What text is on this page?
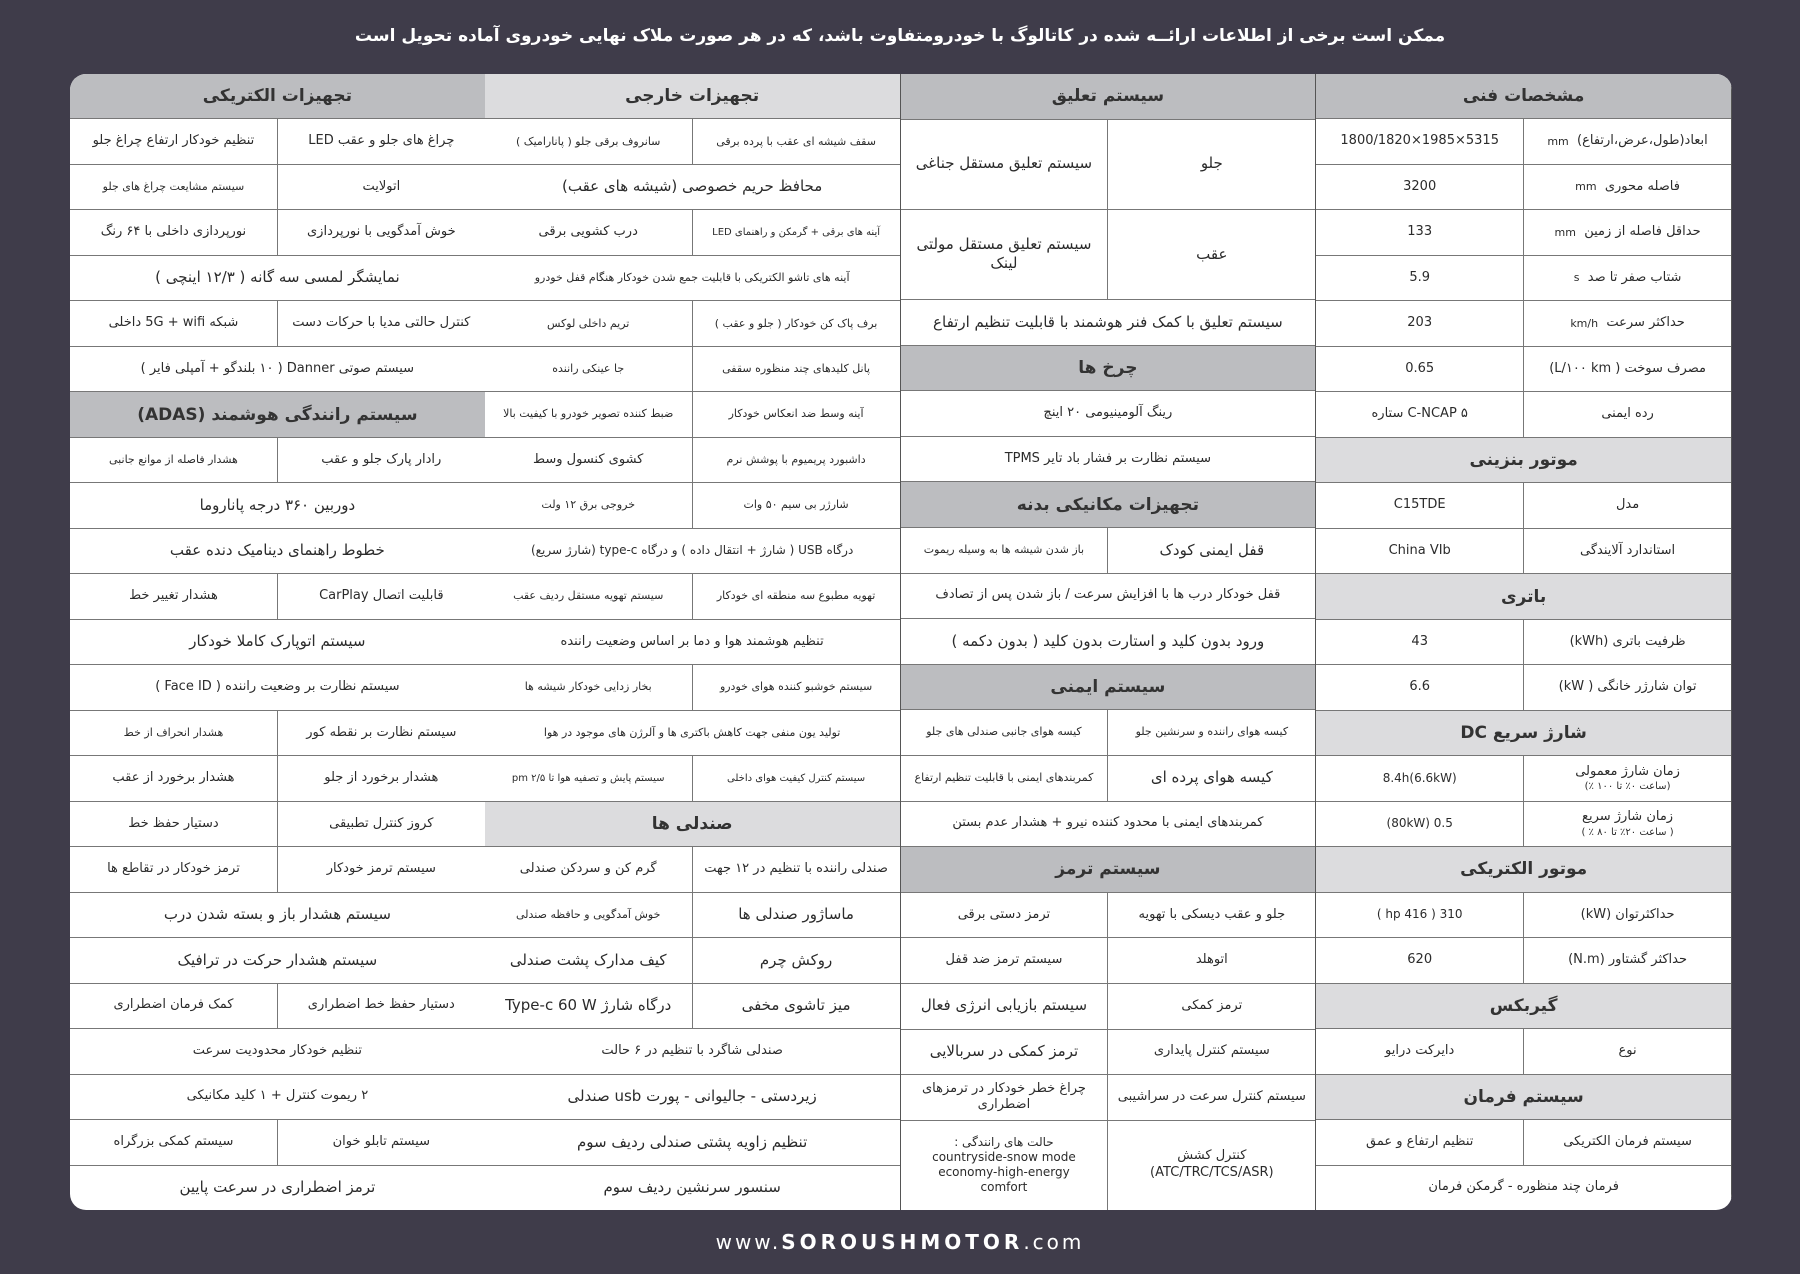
ممکن است برخی از اطلاعات ارائــه شده در کاتالوگ با خودرومتفاوت باشد، که در هر صورت ملاک نهایی خودروی آماده تحویل است
مشخصات فنی
ابعاد(طول،عرض،ارتفاع)

mm
5315×1985×1800/1820
فاصله محوری

mm
3200
حداقل فاصله از زمین

mm
133
شتاب صفر تا صد

s
5.9
حداکثر سرعت

km/h
203
مصرف سوخت ( L/۱۰۰ km)
0.65
رده ایمنی
C-NCAP ۵ ستاره
موتور بنزینی
مدل
C15TDE
استاندارد آلایندگی
China VIb
باتری
ظرفیت باتری (kWh)
43
توان شارژر خانگی ( kW)
6.6
شارژ سریع DC
زمان شارژ معمولی
(ساعت ۰٪ تا ۱۰۰ ٪)
8.4h(6.6kW)
زمان شارژ سریع
( ساعت ۲۰٪ تا ۸۰ ٪ )
0.5 (80kW)
موتور الکتریکی
حداکثرتوان (kW)
310 ( 416 hp )
حداکثر گشتاور (N.m)
620
گیربکس
نوع
دایرکت درایو
سیستم فرمان
سیستم فرمان الکتریکی
تنظیم ارتفاع و عمق
فرمان چند منظوره - گرمکن فرمان
سیستم تعلیق
جلو
سیستم تعلیق مستقل جناغی
عقب
سیستم تعلیق مستقل مولتی لینک
سیستم تعلیق با کمک فنر هوشمند با قابلیت تنظیم ارتفاع
چرخ ها
رینگ آلومینیومی ۲۰ اینچ
سیستم نظارت بر فشار باد تایر TPMS
تجهیزات مکانیکی بدنه
قفل ایمنی کودک
باز شدن شیشه ها به وسیله ریموت
قفل خودکار درب ها با افزایش سرعت / باز شدن پس از تصادف
ورود بدون کلید و استارت بدون کلید ( بدون دکمه )
سیستم ایمنی
کیسه هوای راننده و سرنشین جلو
کیسه هوای جانبی صندلی های جلو
کیسه هوای پرده ای
کمربندهای ایمنی با قابلیت تنظیم ارتفاع
کمربندهای ایمنی با محدود کننده نیرو + هشدار عدم بستن
سیستم ترمز
جلو و عقب دیسکی با تهویه
ترمز دستی برقی
اتوهلد
سیستم ترمز ضد قفل
ترمز کمکی
سیستم بازیابی انرژی فعال
سیستم کنترل پایداری
ترمز کمکی در سربالایی
سیستم کنترل سرعت در سراشیبی
چراغ خطر خودکار در ترمزهای اضطراری
کنترل کشش
(ATC/TRC/TCS/ASR)
حالت های رانندگی :
countryside-snow mode
economy-high-energy
comfort
تجهیزات خارجی
سقف شیشه ای عقب با پرده برقی
سانروف برقی جلو ( پانارامیک )
محافظ حریم خصوصی (شیشه های عقب)
آینه های برقی + گرمکن و راهنمای LED
درب کشویی برقی
آینه های تاشو الکتریکی با قابلیت جمع شدن خودکار هنگام قفل خودرو
برف پاک کن خودکار ( جلو و عقب )
تریم داخلی لوکس
پانل کلیدهای چند منظوره سقفی
جا عینکی راننده
آینه وسط ضد انعکاس خودکار
ضبط کننده تصویر خودرو با کیفیت بالا
داشبورد پریمیوم با پوشش نرم
کشوی کنسول وسط
شارژر بی سیم ۵۰ وات
خروجی برق ۱۲ ولت
درگاه USB ( شارژ + انتقال داده ) و درگاه type-c (شارژ سریع)
تهویه مطبوع سه منطقه ای خودکار
سیستم تهویه مستقل ردیف عقب
تنظیم هوشمند هوا و دما بر اساس وضعیت راننده
سیستم خوشبو کننده هوای خودرو
بخار زدایی خودکار شیشه ها
تولید یون منفی جهت کاهش باکتری ها و آلرژن های موجود در هوا
سیستم کنترل کیفیت هوای داخلی
سیستم پایش و تصفیه هوا تا ۲/۵ pm
صندلی ها
صندلی راننده با تنظیم در ۱۲ جهت
گرم کن و سردکن صندلی
ماساژور صندلی ها
خوش آمدگویی و حافظه صندلی
روکش چرم
کیف مدارک پشت صندلی
میز تاشوی مخفی
درگاه شارژ Type-c 60 W
صندلی شاگرد با تنظیم در ۶ حالت
زیردستی - جالیوانی - پورت usb صندلی
تنظیم زاویه پشتی صندلی ردیف سوم
سنسور سرنشین ردیف سوم
تجهیزات الکتریکی
چراغ های جلو و عقب LED
تنظیم خودکار ارتفاع چراغ جلو
اتولایت
سیستم مشایعت چراغ های جلو
خوش آمدگویی با نورپردازی
نورپردازی داخلی با ۶۴ رنگ
نمایشگر لمسی سه گانه ( ۱۲/۳ اینچی )
کنترل حالتی مدیا با حرکات دست
شبکه 5G + wifi داخلی
سیستم صوتی Danner ( ۱۰ بلندگو + آمپلی فایر )
سیستم رانندگی هوشمند (ADAS)
رادار پارک جلو و عقب
هشدار فاصله از موانع جانبی
دوربین ۳۶۰ درجه پاناروما
خطوط راهنمای دینامیک دنده عقب
قابلیت اتصال CarPlay
هشدار تغییر خط
سیستم اتوپارک کاملا خودکار
سیستم نظارت بر وضعیت راننده ( Face ID )
سیستم نظارت بر نقطه کور
هشدار انحراف از خط
هشدار برخورد از جلو
هشدار برخورد از عقب
کروز کنترل تطبیقی
دستیار حفظ خط
سیستم ترمز خودکار
ترمز خودکار در تقاطع ها
سیستم هشدار باز و بسته شدن درب
سیستم هشدار حرکت در ترافیک
دستیار حفظ خط اضطراری
کمک فرمان اضطراری
تنظیم خودکار محدودیت سرعت
۲ ریموت کنترل + ۱ کلید مکانیکی
سیستم تابلو خوان
سیستم کمکی بزرگراه
ترمز اضطراری در سرعت پایین
www.SOROUSHMOTOR.com
